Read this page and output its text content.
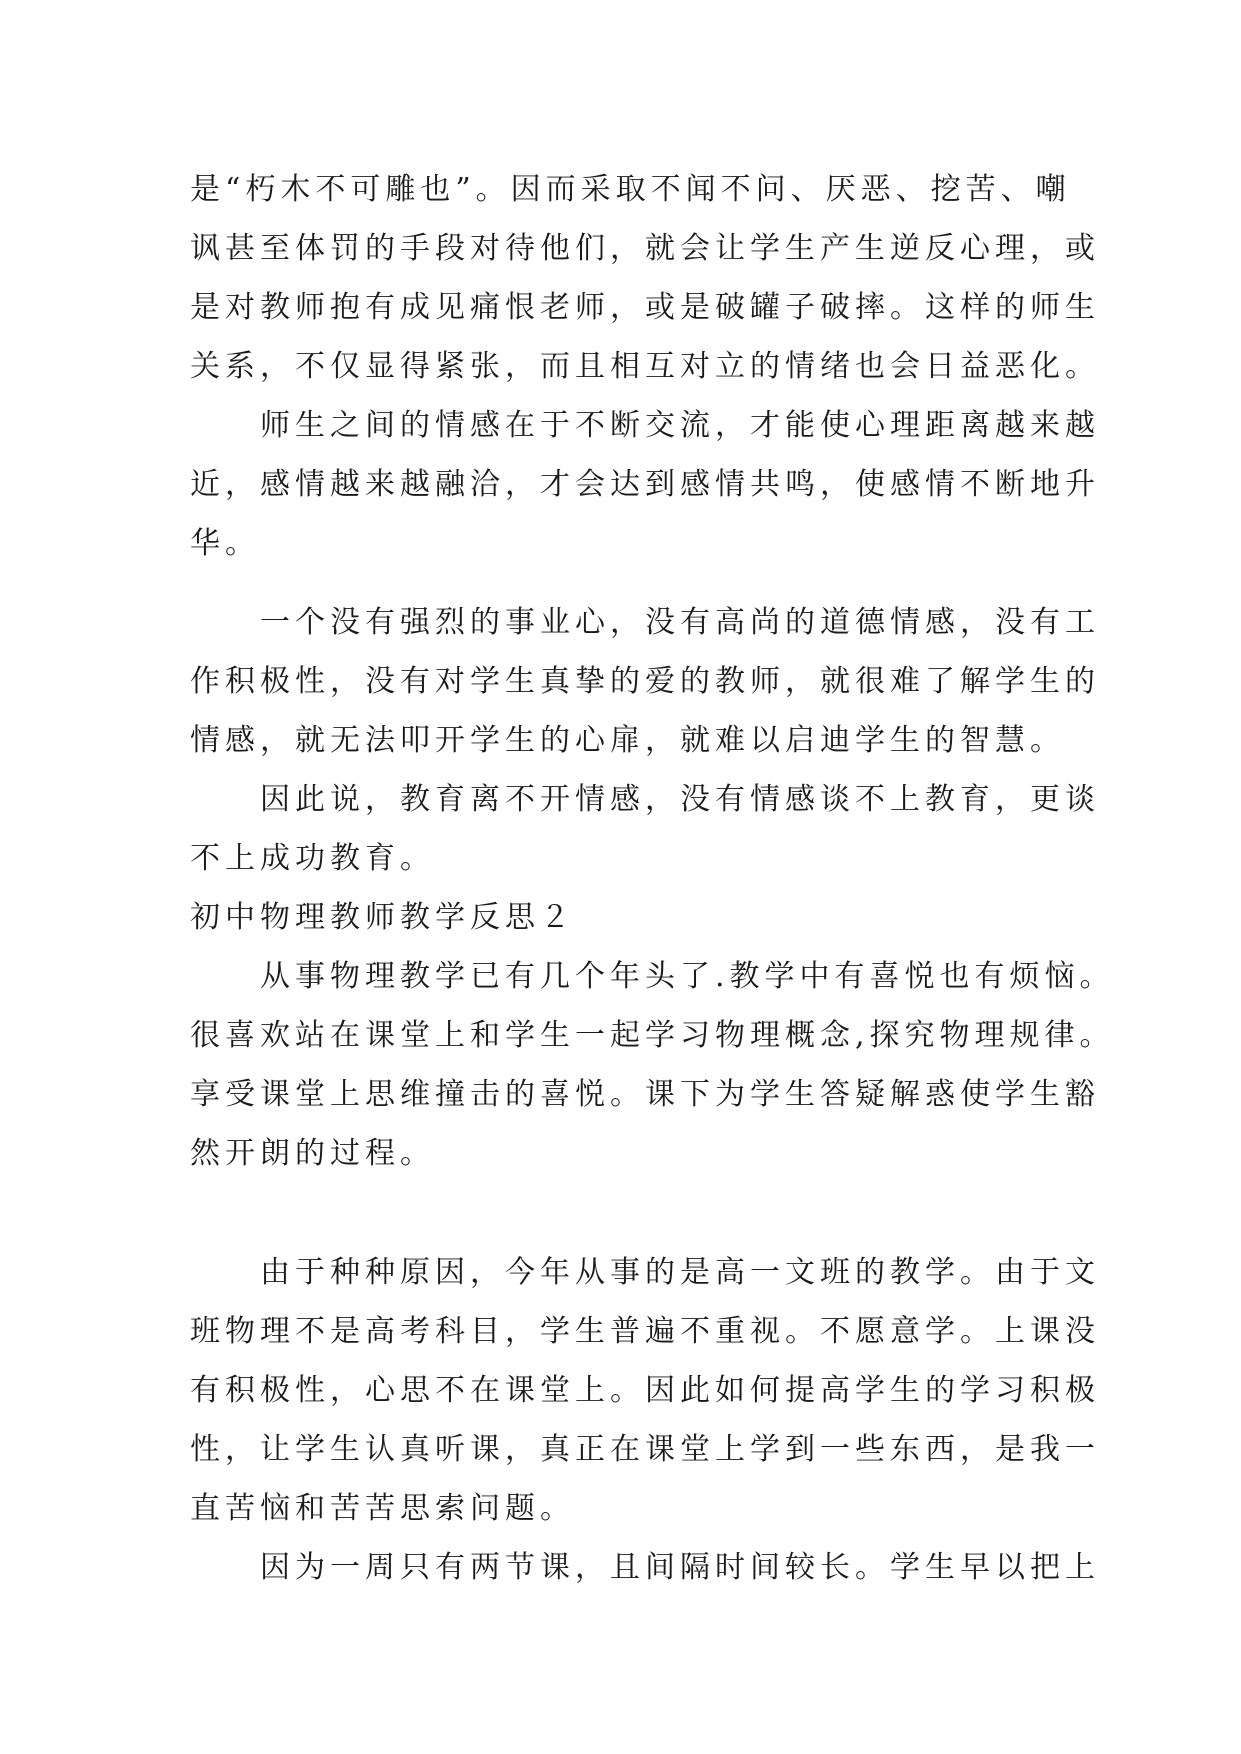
是“朽木不可雕也”。因而采取不闻不问、厌恶、挖苦、嘲
讽甚至体罚的手段对待他们，就会让学生产生逆反心理，或
是对教师抱有成见痛恨老师，或是破罐子破摔。这样的师生
关系，不仅显得紧张，而且相互对立的情绪也会日益恶化。
师生之间的情感在于不断交流，才能使心理距离越来越
近，感情越来越融洽，才会达到感情共鸣，使感情不断地升
华。
一个没有强烈的事业心，没有高尚的道德情感，没有工
作积极性，没有对学生真挚的爱的教师，就很难了解学生的
情感，就无法叩开学生的心扉，就难以启迪学生的智慧。
因此说，教育离不开情感，没有情感谈不上教育，更谈
不上成功教育。
初中物理教师教学反思２
从事物理教学已有几个年头了.教学中有喜悦也有烦恼。
很喜欢站在课堂上和学生一起学习物理概念,探究物理规律。
享受课堂上思维撞击的喜悦。课下为学生答疑解惑使学生豁
然开朗的过程。
由于种种原因，今年从事的是高一文班的教学。由于文
班物理不是高考科目，学生普遍不重视。不愿意学。上课没
有积极性，心思不在课堂上。因此如何提高学生的学习积极
性，让学生认真听课，真正在课堂上学到一些东西，是我一
直苦恼和苦苦思索问题。
因为一周只有两节课，且间隔时间较长。学生早以把上
